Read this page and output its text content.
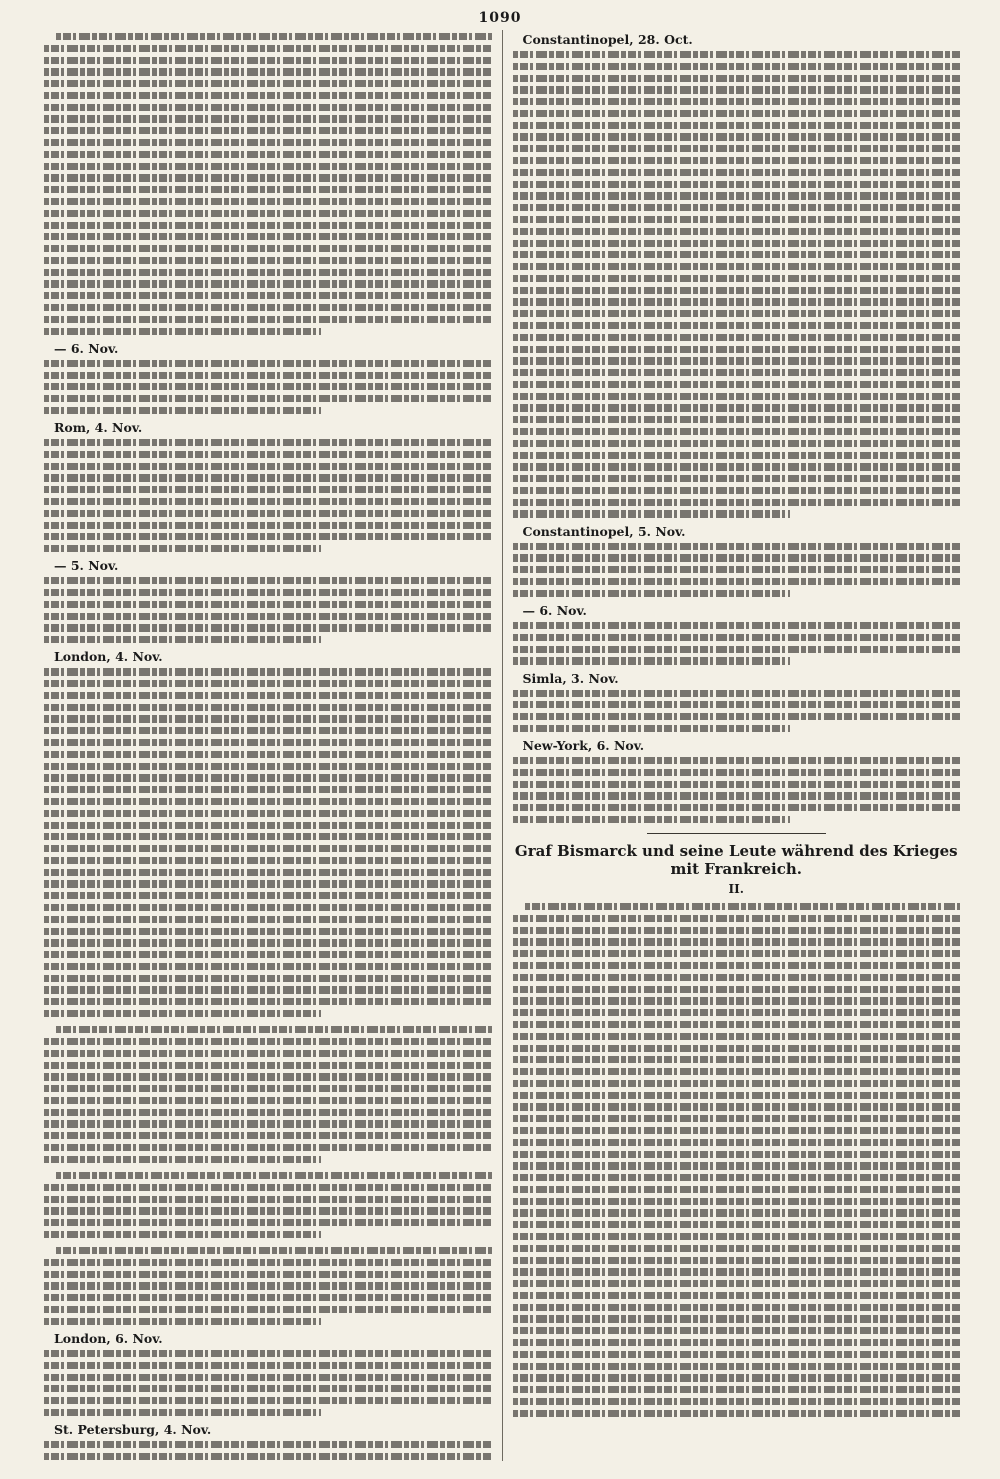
1090
— 6. Nov.
Rom, 4. Nov.
— 5. Nov.
London, 4. Nov.
London, 6. Nov.
St. Petersburg, 4. Nov.
Constantinopel, 28. Oct.
Constantinopel, 5. Nov.
— 6. Nov.
Simla, 3. Nov.
New-York, 6. Nov.
Graf Bismarck und seine Leute während des Krieges mit Frankreich.
II.
